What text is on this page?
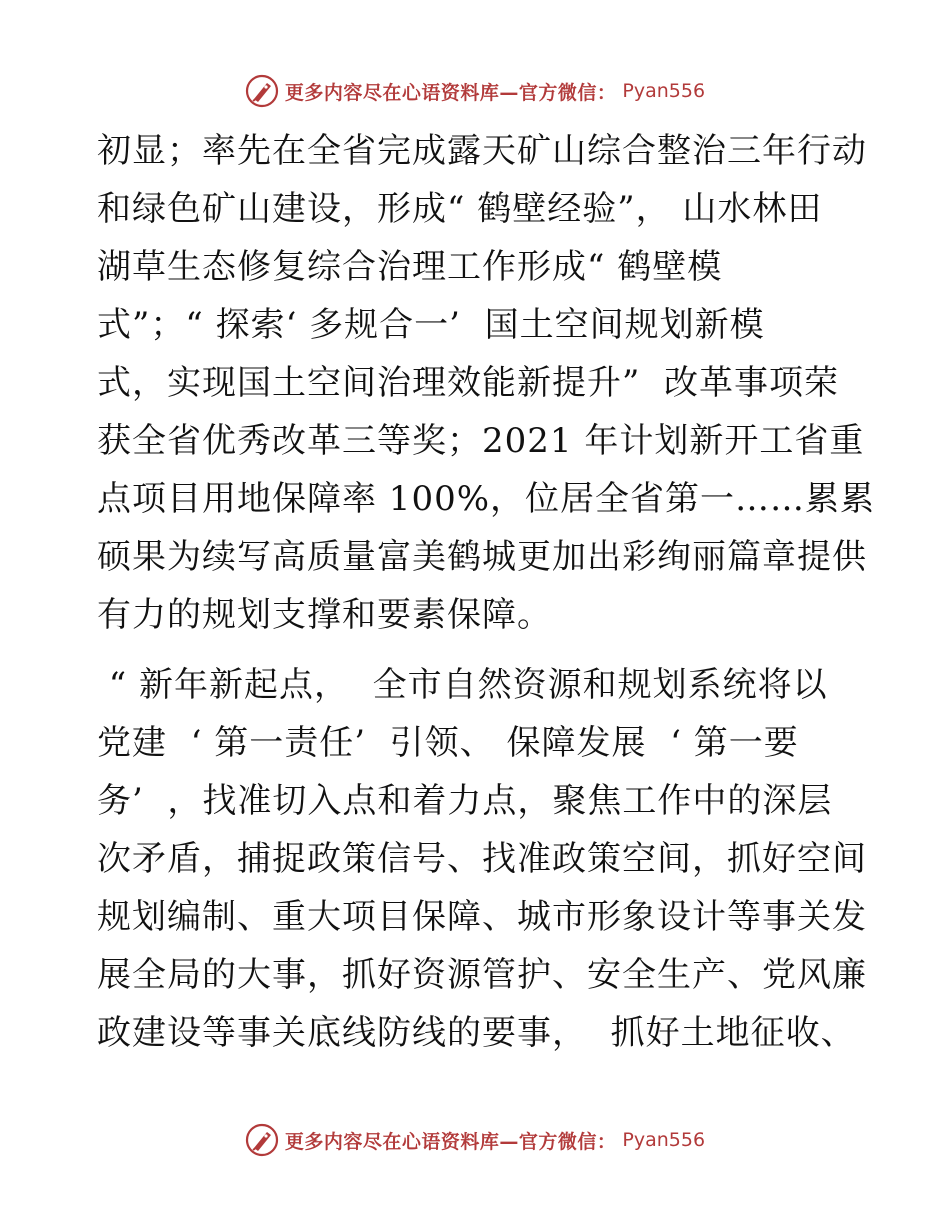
更多内容尽在心语资料库—官方微信： Pyan556
初显；率先在全省完成露天矿山综合整治三年行动
和绿色矿山建设，形成“ 鹤壁经验”， 山水林田
湖草生态修复综合治理工作形成“ 鹤壁模
式”；“ 探索‘ 多规合一’  国土空间规划新模
式，实现国土空间治理效能新提升”  改革事项荣
获全省优秀改革三等奖；2021 年计划新开工省重
点项目用地保障率 100%，位居全省第一……累累
硕果为续写高质量富美鹤城更加出彩绚丽篇章提供
有力的规划支撑和要素保障。
“ 新年新起点，  全市自然资源和规划系统将以
党建  ‘ 第一责任’  引领、 保障发展  ‘ 第一要
务’  ，找准切入点和着力点，聚焦工作中的深层
次矛盾，捕捉政策信号、找准政策空间，抓好空间
规划编制、重大项目保障、城市形象设计等事关发
展全局的大事，抓好资源管护、安全生产、党风廉
政建设等事关底线防线的要事，  抓好土地征收、
更多内容尽在心语资料库—官方微信： Pyan556
